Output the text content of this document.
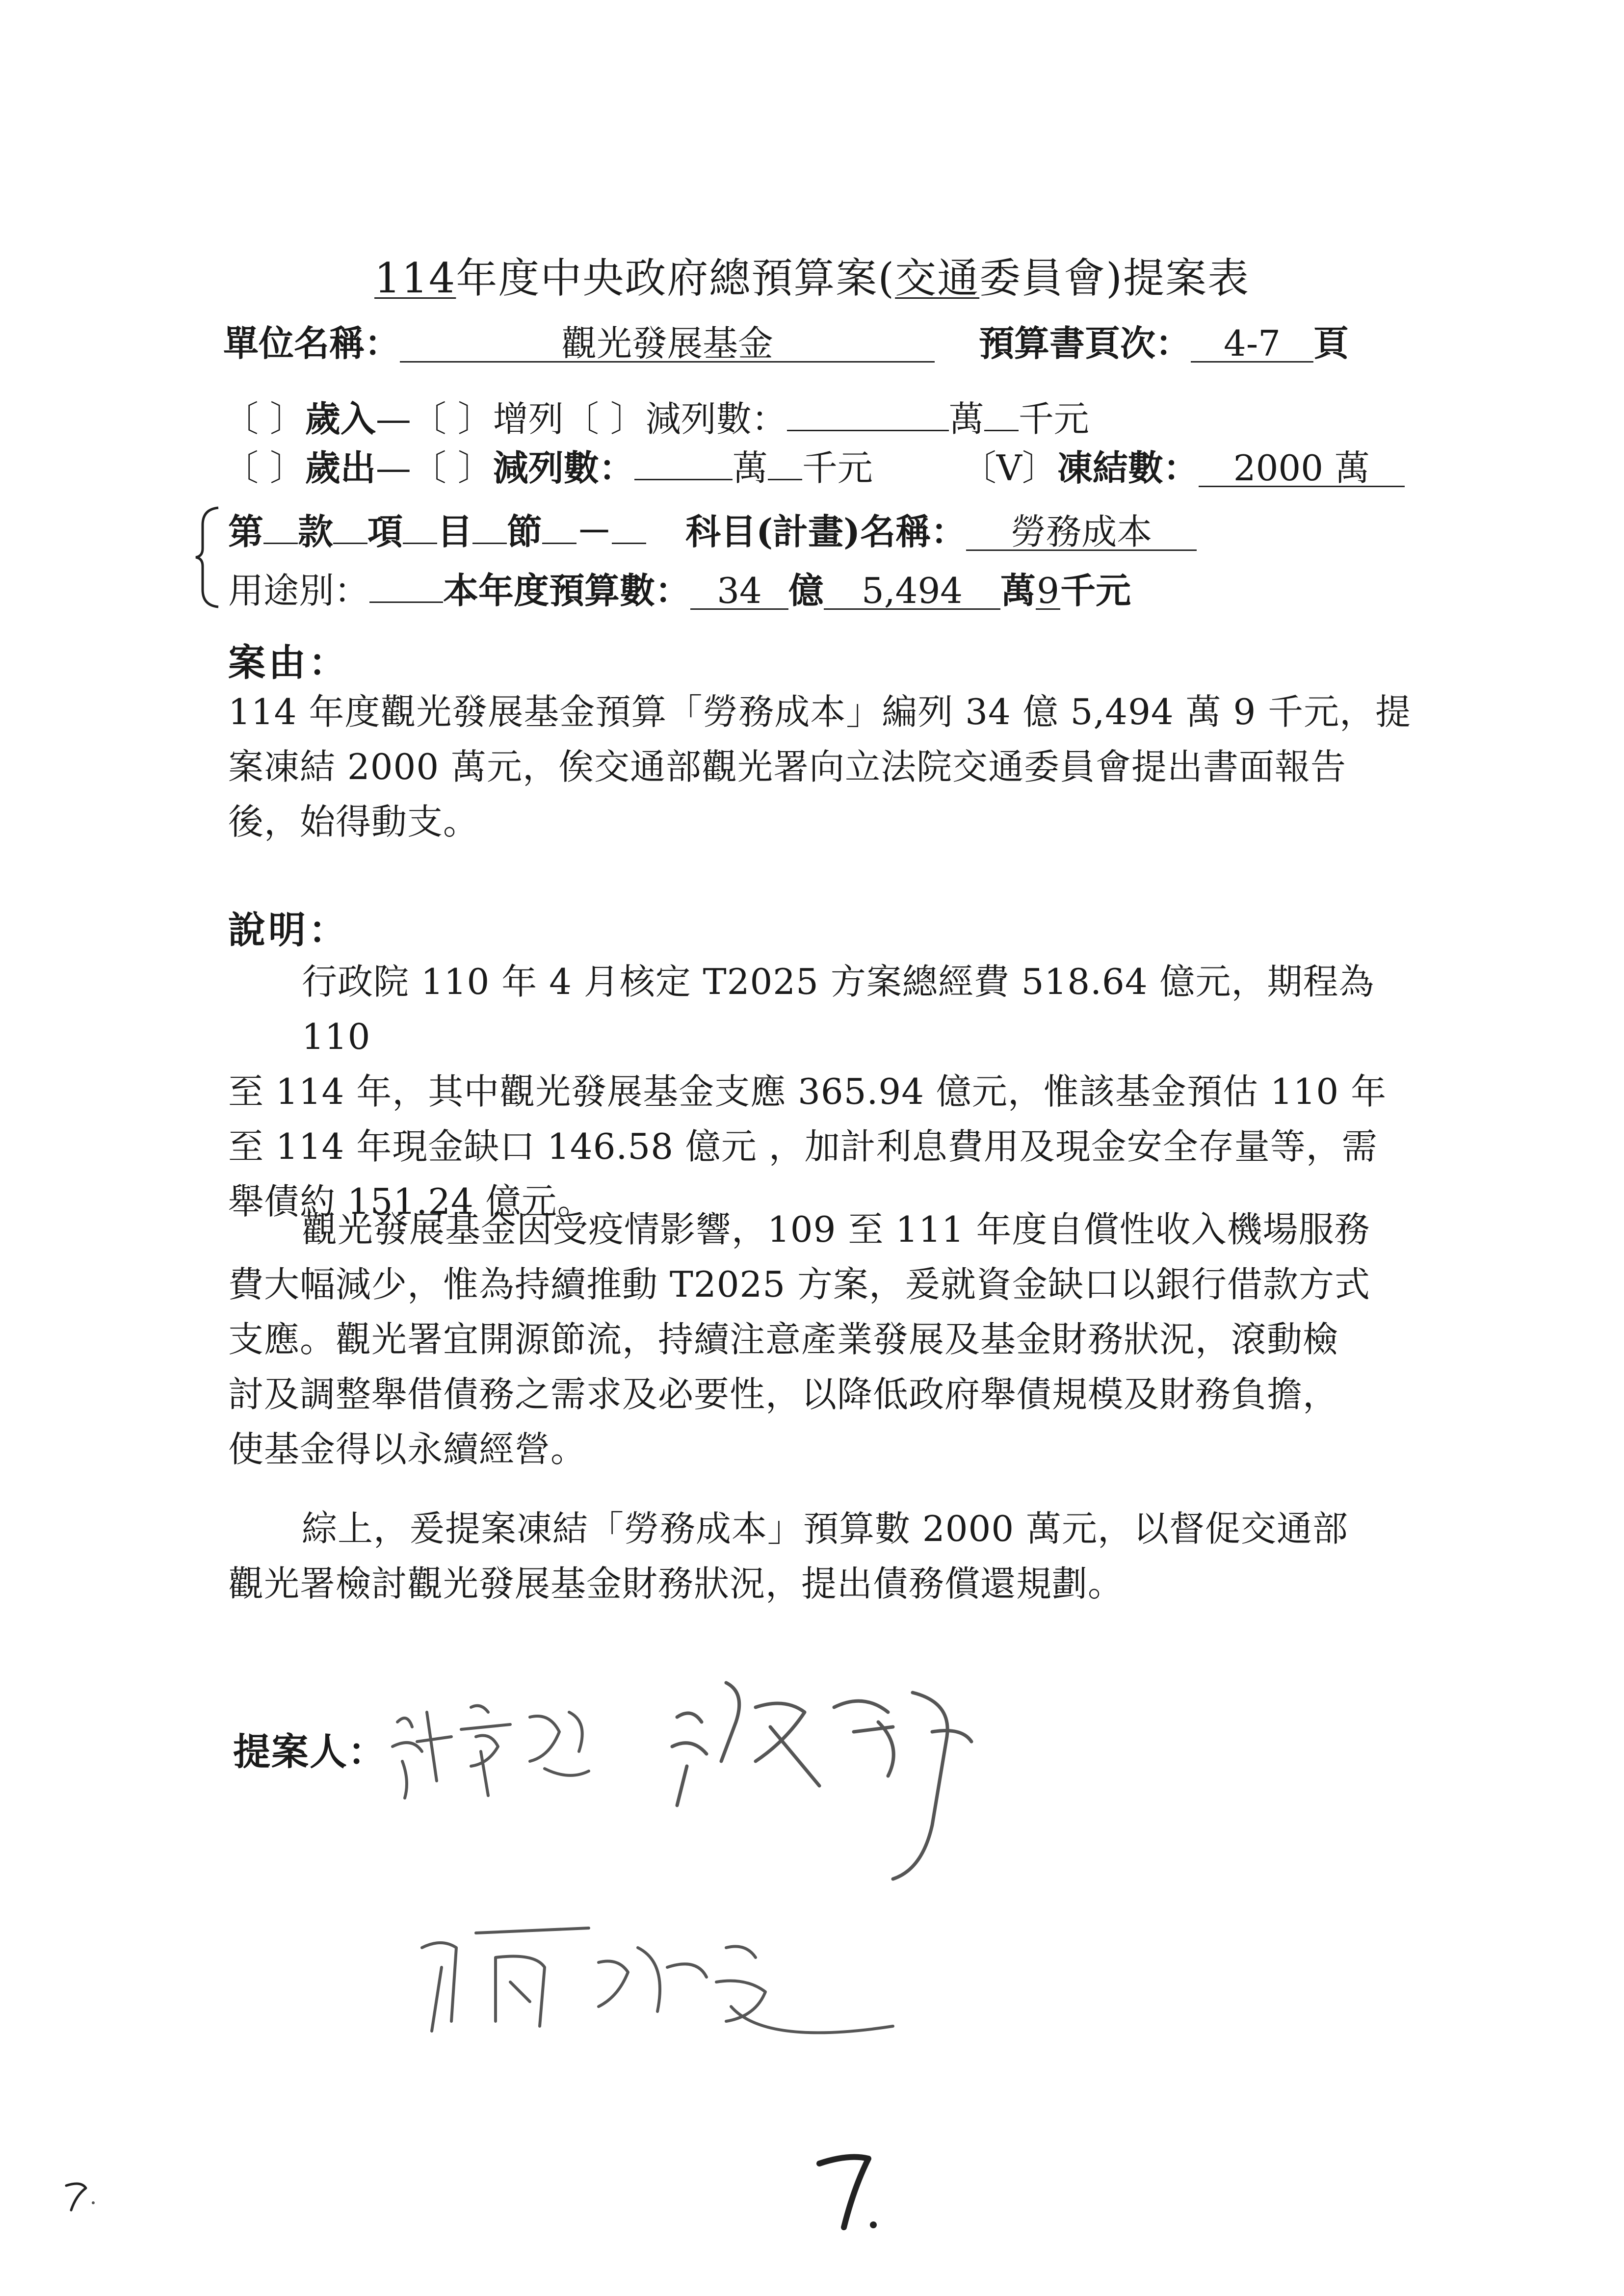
114年度中央政府總預算案(交通委員會)提案表
單位名稱：	觀光發展基金	預算書頁次： 4-7 頁
〔 〕歲入—〔 〕增列〔 〕減列數：	萬 千元
〔 〕歲出—〔 〕減列數：	萬 千元	〔V〕凍結數： 2000 萬
第 款 項 目 節 － 科目(計畫)名稱： 勞務成本
用途別： 本年度預算數： 34 億 5,494 萬9千元
案由：
114 年度觀光發展基金預算「勞務成本」編列 34 億 5,494 萬 9 千元，提
案凍結 2000 萬元，俟交通部觀光署向立法院交通委員會提出書面報告
後，始得動支。
說明：
行政院 110 年 4 月核定 T2025 方案總經費 518.64 億元，期程為 110
至 114 年，其中觀光發展基金支應 365.94 億元，惟該基金預估 110 年
至 114 年現金缺口 146.58 億元 ，加計利息費用及現金安全存量等，需
舉債約 151.24 億元。
觀光發展基金因受疫情影響，109 至 111 年度自償性收入機場服務
費大幅減少，惟為持續推動 T2025 方案，爰就資金缺口以銀行借款方式
支應。觀光署宜開源節流，持續注意產業發展及基金財務狀況，滾動檢
討及調整舉借債務之需求及必要性，以降低政府舉債規模及財務負擔，
使基金得以永續經營。
綜上，爰提案凍結「勞務成本」預算數 2000 萬元，以督促交通部
觀光署檢討觀光發展基金財務狀況，提出債務償還規劃。
提案人：
